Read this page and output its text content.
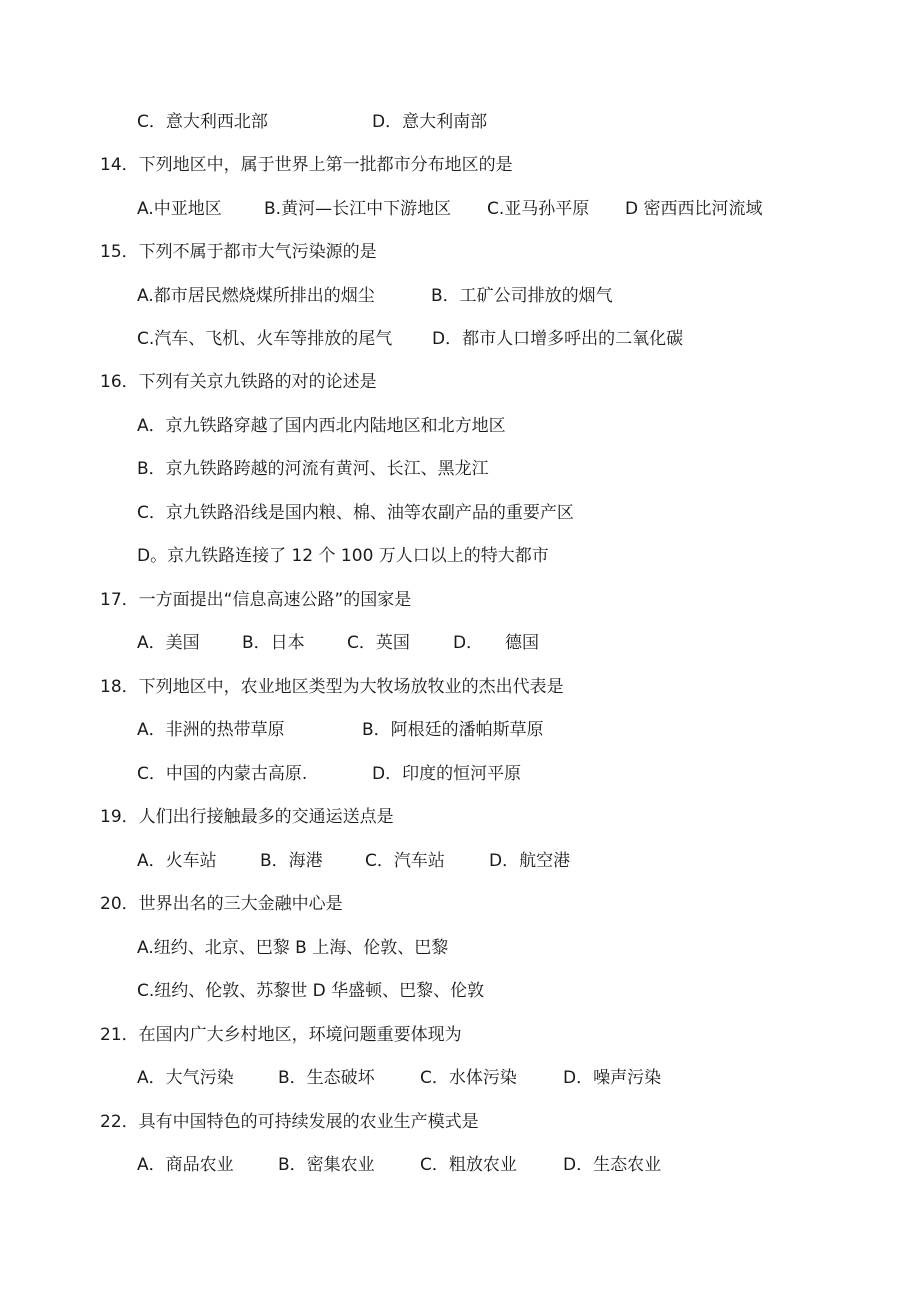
C．意大利西北部	D．意大利南部
14．下列地区中，属于世界上第一批都市分布地区的是
A.中亚地区 B.黄河—长江中下游地区 C.亚马孙平原 D 密西西比河流域
15．下列不属于都市大气污染源的是
A.都市居民燃烧煤所排出的烟尘	B．工矿公司排放的烟气
C.汽车、飞机、火车等排放的尾气 D．都市人口增多呼出的二氧化碳
16．下列有关京九铁路的对的论述是
A．京九铁路穿越了国内西北内陆地区和北方地区
B．京九铁路跨越的河流有黄河、长江、黑龙江
C．京九铁路沿线是国内粮、棉、油等农副产品的重要产区
D。京九铁路连接了 12 个 100 万人口以上的特大都市
17．一方面提出“信息高速公路”的国家是
A．美国 B．日本 C．英国	D． 德国
18．下列地区中，农业地区类型为大牧场放牧业的杰出代表是
A．非洲的热带草原	B．阿根廷的潘帕斯草原
C．中国的内蒙古高原.	D．印度的恒河平原
19．人们出行接触最多的交通运送点是
A．火车站	B．海港 C．汽车站	D．航空港
20．世界出名的三大金融中心是
A.纽约、北京、巴黎 B 上海、伦敦、巴黎
C.纽约、伦敦、苏黎世 D 华盛顿、巴黎、伦敦
21．在国内广大乡村地区，环境问题重要体现为
A．大气污染	B．生态破坏	C．水体污染	D．噪声污染
22．具有中国特色的可持续发展的农业生产模式是
A．商品农业	B．密集农业	C．粗放农业	D．生态农业
